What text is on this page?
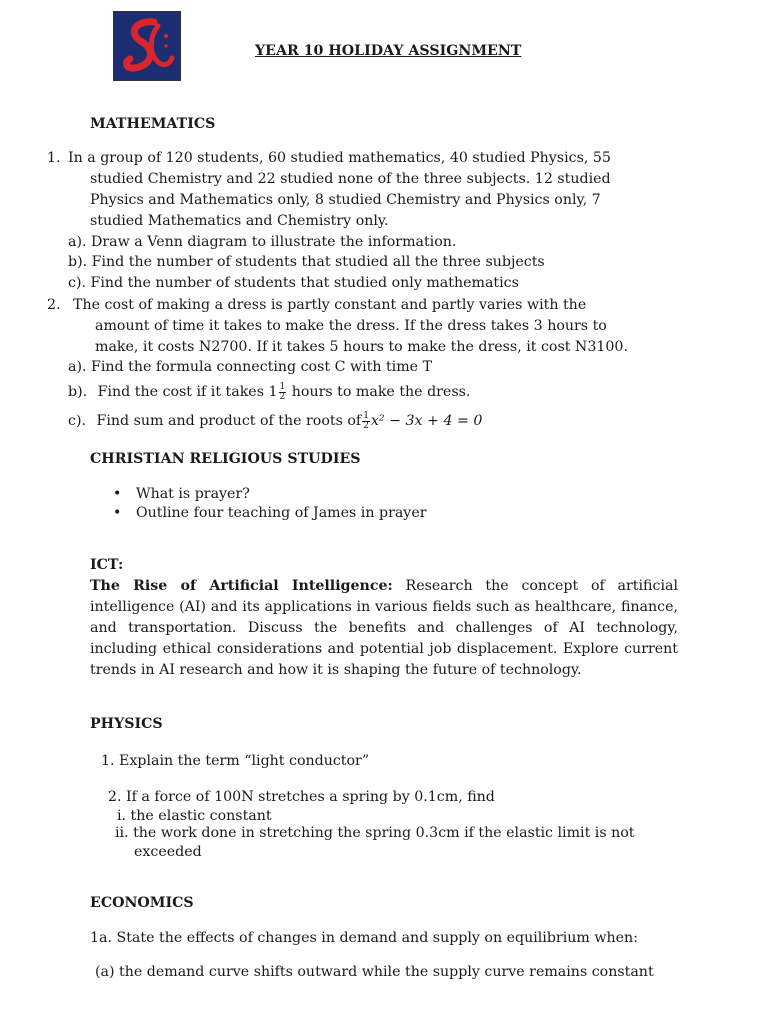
YEAR 10 HOLIDAY ASSIGNMENT
MATHEMATICS
1. In a group of 120 students, 60 studied mathematics, 40 studied Physics, 55
studied Chemistry and 22 studied none of the three subjects. 12 studied
Physics and Mathematics only, 8 studied Chemistry and Physics only, 7
studied Mathematics and Chemistry only.
a). Draw a Venn diagram to illustrate the information.
b). Find the number of students that studied all the three subjects
c). Find the number of students that studied only mathematics
2. The cost of making a dress is partly constant and partly varies with the
amount of time it takes to make the dress. If the dress takes 3 hours to
make, it costs N2700. If it takes 5 hours to make the dress, it cost N3100.
a). Find the formula connecting cost C with time T
b). Find the cost if it takes $1 \frac{1}{2}$ hours to make the dress.
c). Find sum and product of the roots of $\frac{1}{2} x^2 - 3x + 4 = 0$
CHRISTIAN RELIGIOUS STUDIES
• What is prayer?
• Outline four teaching of James in prayer
ICT:
The Rise of Artificial Intelligence: Research the concept of artificial intelligence (AI) and its applications in various fields such as healthcare, finance, and transportation. Discuss the benefits and challenges of AI technology, including ethical considerations and potential job displacement. Explore current trends in AI research and how it is shaping the future of technology.
PHYSICS
1. Explain the term “light conductor”
2. If a force of 100N stretches a spring by 0.1cm, find
i. the elastic constant
ii. the work done in stretching the spring 0.3cm if the elastic limit is not
exceeded
ECONOMICS
1a. State the effects of changes in demand and supply on equilibrium when:
(a) the demand curve shifts outward while the supply curve remains constant
